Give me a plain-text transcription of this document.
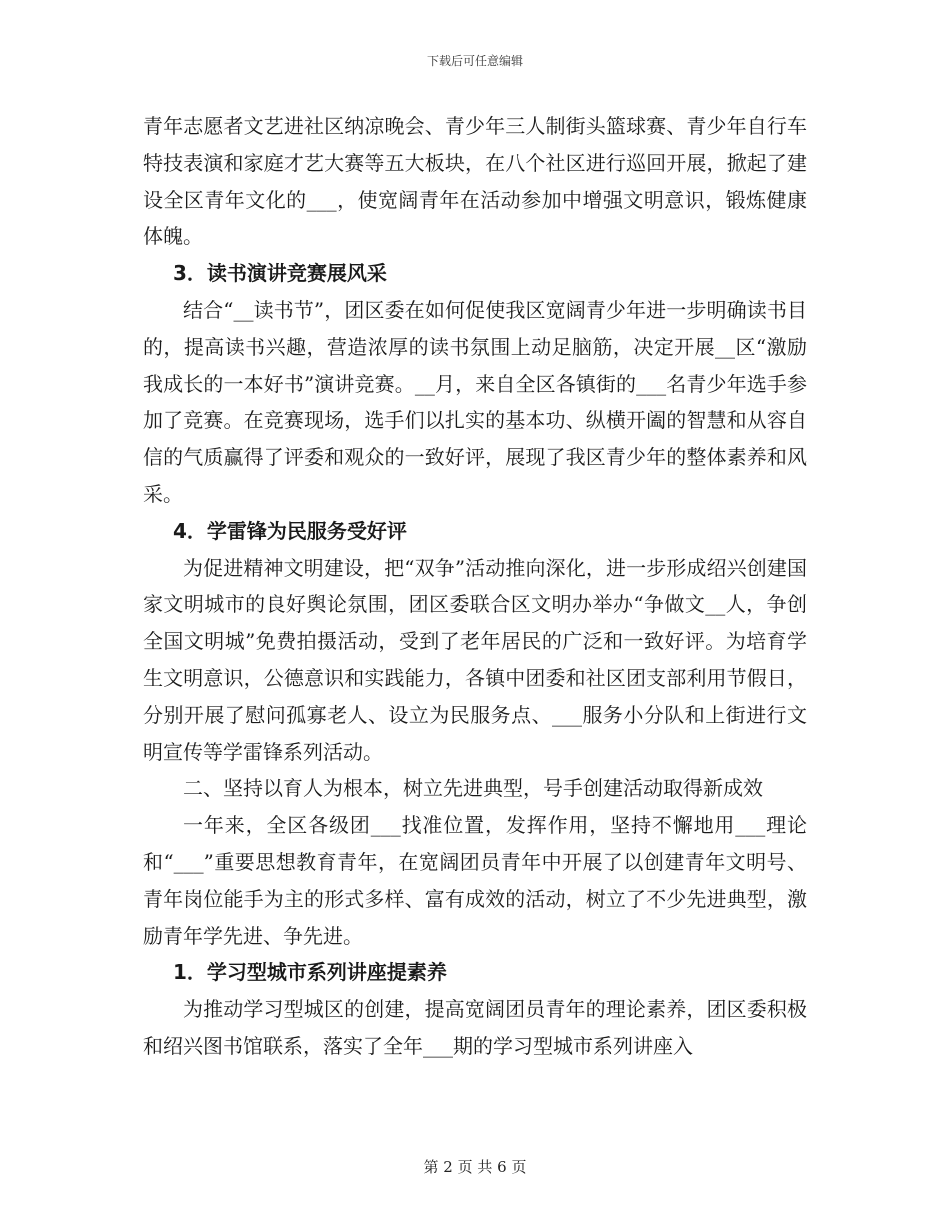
下载后可任意编辑

青年志愿者文艺进社区纳凉晚会、青少年三人制街头篮球赛、青少年自行车特技表演和家庭才艺大赛等五大板块，在八个社区进行巡回开展，掀起了建设全区青年文化的___，使宽阔青年在活动参加中增强文明意识，锻炼健康体魄。

3．读书演讲竞赛展风采

结合“__读书节”，团区委在如何促使我区宽阔青少年进一步明确读书目的，提高读书兴趣，营造浓厚的读书氛围上动足脑筋，决定开展__区“激励我成长的一本好书”演讲竞赛。__月，来自全区各镇街的___名青少年选手参加了竞赛。在竞赛现场，选手们以扎实的基本功、纵横开阖的智慧和从容自信的气质赢得了评委和观众的一致好评，展现了我区青少年的整体素养和风采。

4．学雷锋为民服务受好评

为促进精神文明建设，把“双争”活动推向深化，进一步形成绍兴创建国家文明城市的良好舆论氛围，团区委联合区文明办举办“争做文__人，争创全国文明城”免费拍摄活动，受到了老年居民的广泛和一致好评。为培育学生文明意识，公德意识和实践能力，各镇中团委和社区团支部利用节假日，分别开展了慰问孤寡老人、设立为民服务点、___服务小分队和上街进行文明宣传等学雷锋系列活动。

二、坚持以育人为根本，树立先进典型，号手创建活动取得新成效

一年来，全区各级团___找准位置，发挥作用，坚持不懈地用___理论和“___”重要思想教育青年，在宽阔团员青年中开展了以创建青年文明号、青年岗位能手为主的形式多样、富有成效的活动，树立了不少先进典型，激励青年学先进、争先进。

1．学习型城市系列讲座提素养

为推动学习型城区的创建，提高宽阔团员青年的理论素养，团区委积极和绍兴图书馆联系，落实了全年___期的学习型城市系列讲座入

第 2 页 共 6 页
